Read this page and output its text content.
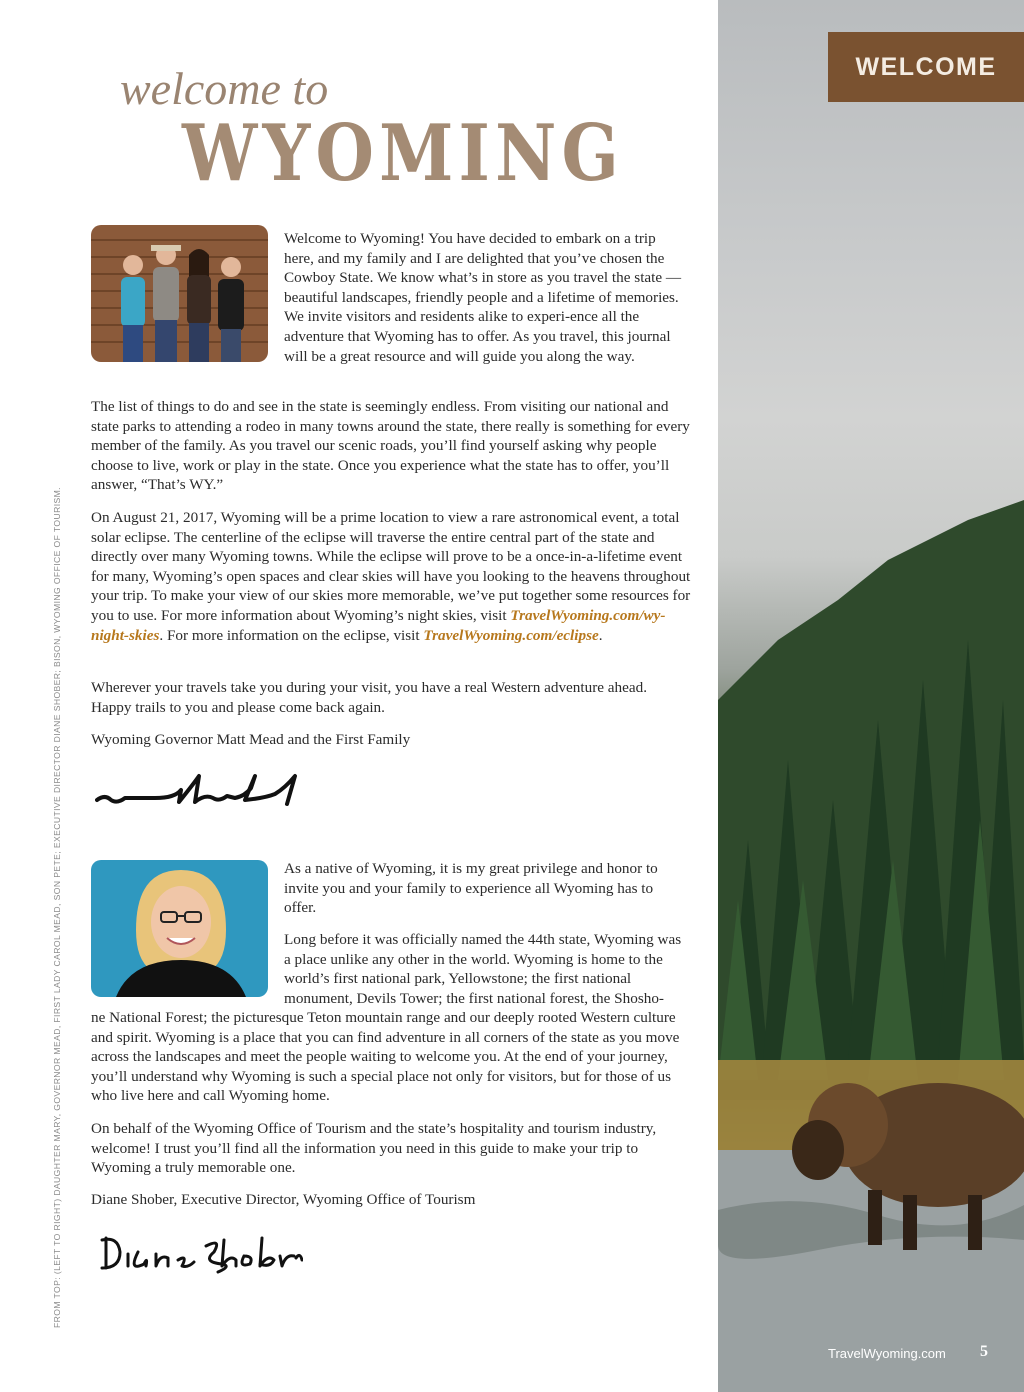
WELCOME
welcome to
WYOMING

Welcome to Wyoming! You have decided to embark on a trip here, and my family and I are delighted that you’ve chosen the Cowboy State. We know what’s in store as you travel the state — beautiful landscapes, friendly people and a lifetime of memories. We invite visitors and residents alike to experi-ence all the adventure that Wyoming has to offer. As you travel, this journal will be a great resource and will guide you along the way.

The list of things to do and see in the state is seemingly endless. From visiting our national and state parks to attending a rodeo in many towns around the state, there really is something for every member of the family. As you travel our scenic roads, you’ll find yourself asking why people choose to live, work or play in the state. Once you experience what the state has to offer, you’ll answer, “That’s WY.”

On August 21, 2017, Wyoming will be a prime location to view a rare astronomical event, a total solar eclipse. The centerline of the eclipse will traverse the entire central part of the state and directly over many Wyoming towns. While the eclipse will prove to be a once-in-a-lifetime event for many, Wyoming’s open spaces and clear skies will have you looking to the heavens throughout your trip. To make your view of our skies more memorable, we’ve put together some resources for you to use. For more information about Wyoming’s night skies, visit TravelWyoming.com/wy-night-skies. For more information on the eclipse, visit TravelWyoming.com/eclipse.

Wherever your travels take you during your visit, you have a real Western adventure ahead. Happy trails to you and please come back again.

Wyoming Governor Matt Mead and the First Family

As a native of Wyoming, it is my great privilege and honor to invite you and your family to experience all Wyoming has to offer.

Long before it was officially named the 44th state, Wyoming was a place unlike any other in the world. Wyoming is home to the world’s first national park, Yellowstone; the first national monument, Devils Tower; the first national forest, the Shosho-

ne National Forest; the picturesque Teton mountain range and our deeply rooted Western culture and spirit. Wyoming is a place that you can find adventure in all corners of the state as you move across the landscapes and meet the people waiting to welcome you. At the end of your journey, you’ll understand why Wyoming is such a special place not only for visitors, but for those of us who live here and call Wyoming home.

On behalf of the Wyoming Office of Tourism and the state’s hospitality and tourism industry, welcome! I trust you’ll find all the information you need in this guide to make your trip to Wyoming a truly memorable one.

Diane Shober, Executive Director, Wyoming Office of Tourism

FROM TOP: (LEFT TO RIGHT) DAUGHTER MARY, GOVERNOR MEAD, FIRST LADY CAROL MEAD, SON PETE; EXECUTIVE DIRECTOR DIANE SHOBER; BISON, WYOMING OFFICE OF TOURISM.
TravelWyoming.com 5
